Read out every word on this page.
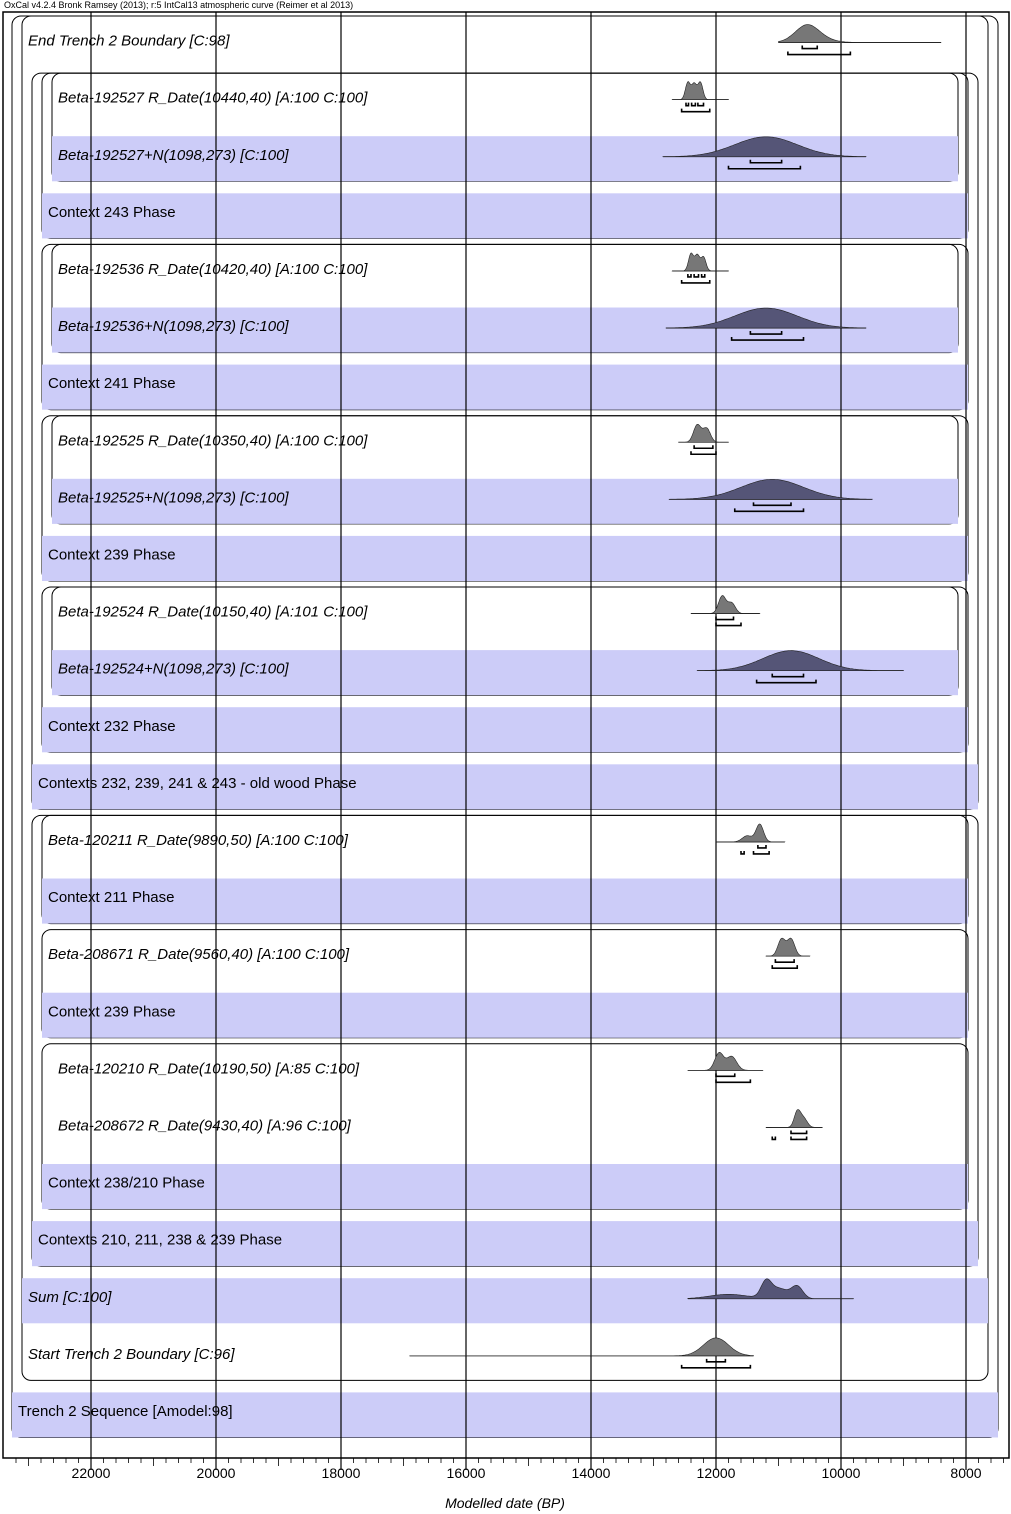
OxCal v4.2.4 Bronk Ramsey (2013); r:5 IntCal13 atmospheric curve (Reimer et al 2013)
End Trench 2 Boundary [C:98]
Beta-192527 R_Date(10440,40) [A:100 C:100]
Beta-192527+N(1098,273) [C:100]
Context 243 Phase
Beta-192536 R_Date(10420,40) [A:100 C:100]
Beta-192536+N(1098,273) [C:100]
Context 241 Phase
Beta-192525 R_Date(10350,40) [A:100 C:100]
Beta-192525+N(1098,273) [C:100]
Context 239 Phase
Beta-192524 R_Date(10150,40) [A:101 C:100]
Beta-192524+N(1098,273) [C:100]
Context 232 Phase
Contexts 232, 239, 241 & 243 - old wood Phase
Beta-120211 R_Date(9890,50) [A:100 C:100]
Context 211 Phase
Beta-208671 R_Date(9560,40) [A:100 C:100]
Context 239 Phase
Beta-120210 R_Date(10190,50) [A:85 C:100]
Beta-208672 R_Date(9430,40) [A:96 C:100]
Context 238/210 Phase
Contexts 210, 211, 238 & 239 Phase
Sum [C:100]
Start Trench 2 Boundary [C:96]
Trench 2 Sequence [Amodel:98]
22000	20000	18000	16000	14000	12000	10000	8000
Modelled date (BP)
